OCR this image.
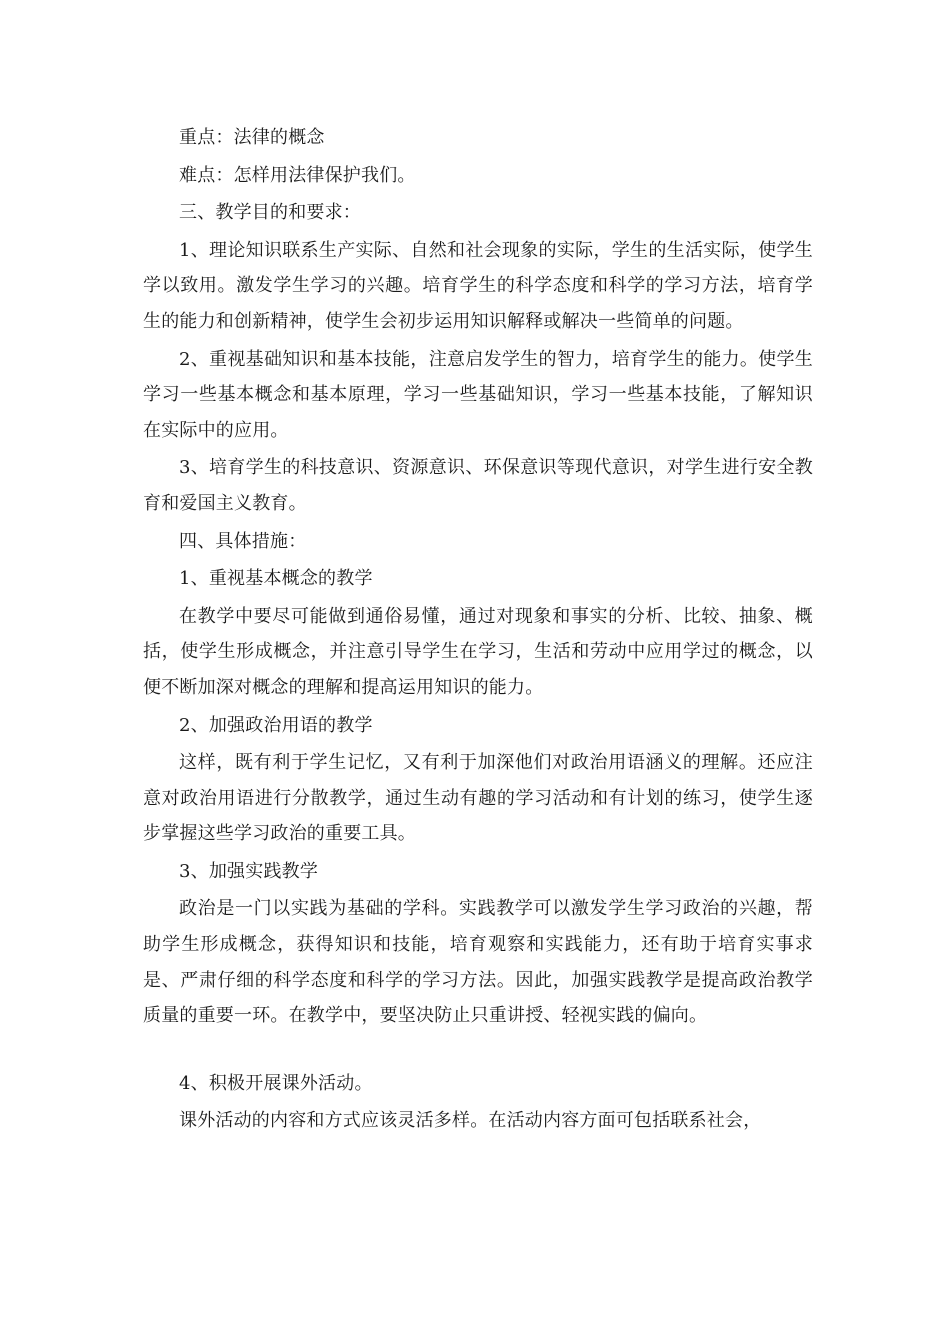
重点：法律的概念

难点：怎样用法律保护我们。

三、教学目的和要求：

1、理论知识联系生产实际、自然和社会现象的实际，学生的生活实际，使学生学以致用。激发学生学习的兴趣。培育学生的科学态度和科学的学习方法，培育学生的能力和创新精神，使学生会初步运用知识解释或解决一些简单的问题。

2、重视基础知识和基本技能，注意启发学生的智力，培育学生的能力。使学生学习一些基本概念和基本原理，学习一些基础知识，学习一些基本技能，了解知识在实际中的应用。

3、培育学生的科技意识、资源意识、环保意识等现代意识，对学生进行安全教育和爱国主义教育。

四、具体措施：

1、重视基本概念的教学

在教学中要尽可能做到通俗易懂，通过对现象和事实的分析、比较、抽象、概括，使学生形成概念，并注意引导学生在学习，生活和劳动中应用学过的概念，以便不断加深对概念的理解和提高运用知识的能力。

2、加强政治用语的教学

这样，既有利于学生记忆，又有利于加深他们对政治用语涵义的理解。还应注意对政治用语进行分散教学，通过生动有趣的学习活动和有计划的练习，使学生逐步掌握这些学习政治的重要工具。

3、加强实践教学

政治是一门以实践为基础的学科。实践教学可以激发学生学习政治的兴趣，帮助学生形成概念，获得知识和技能，培育观察和实践能力，还有助于培育实事求是、严肃仔细的科学态度和科学的学习方法。因此，加强实践教学是提高政治教学质量的重要一环。在教学中，要坚决防止只重讲授、轻视实践的偏向。

4、积极开展课外活动。

课外活动的内容和方式应该灵活多样。在活动内容方面可包括联系社会，
